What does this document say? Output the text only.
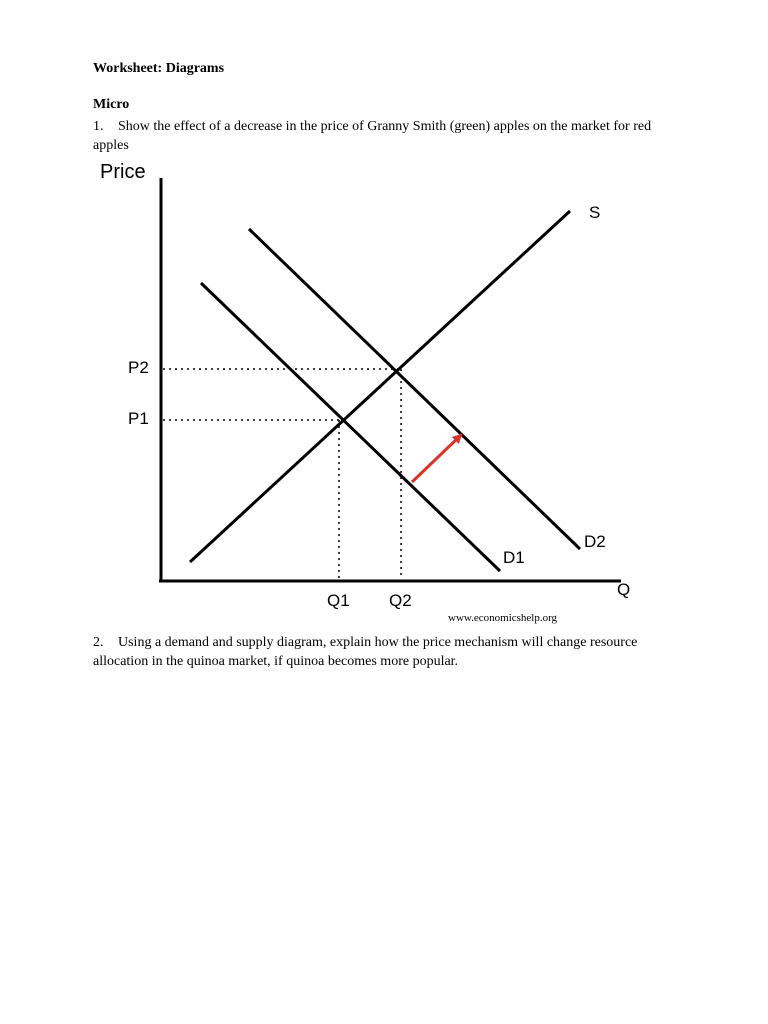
Worksheet: Diagrams
Micro

1. Show the effect of a decrease in the price of Granny Smith (green) apples on the market for red apples

Price
Q
P2
P1
Q1 Q2
S
D1
D2
www.economicshelp.org

2. Using a demand and supply diagram, explain how the price mechanism will change resource allocation in the quinoa market, if quinoa becomes more popular.
